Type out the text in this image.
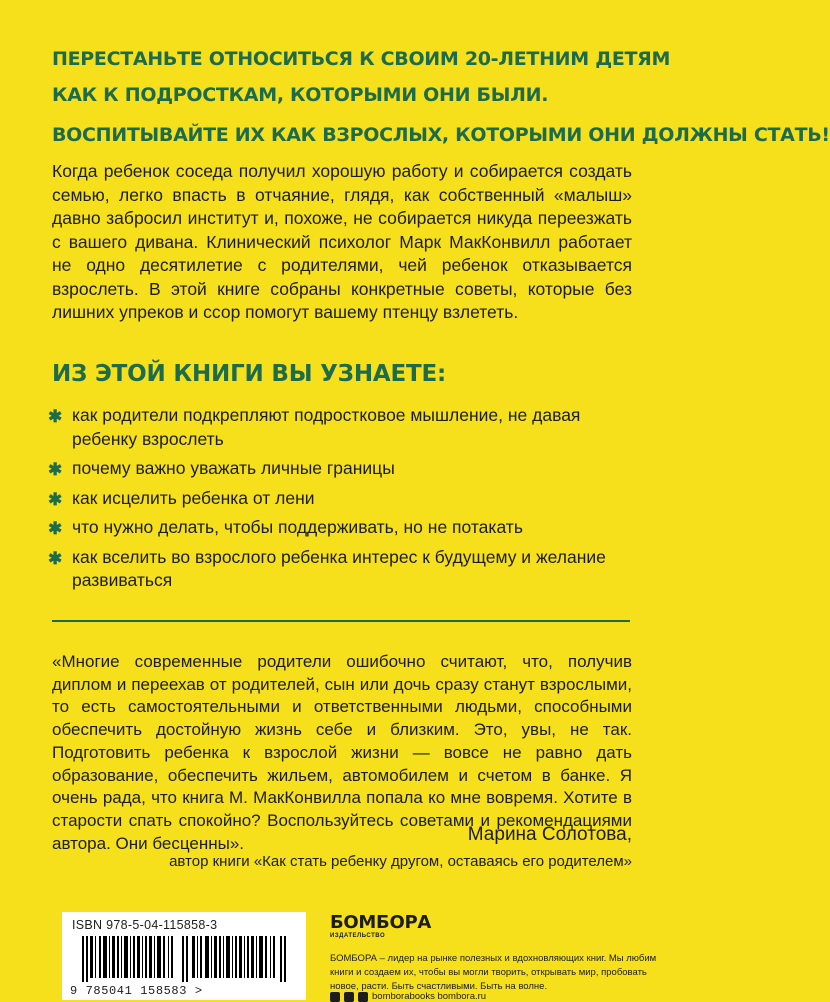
ПЕРЕСТАНЬТЕ ОТНОСИТЬСЯ К СВОИМ 20-ЛЕТНИМ ДЕТЯМ
КАК К ПОДРОСТКАМ, КОТОРЫМИ ОНИ БЫЛИ.
ВОСПИТЫВАЙТЕ ИХ КАК ВЗРОСЛЫХ, КОТОРЫМИ ОНИ ДОЛЖНЫ СТАТЬ!

Когда ребенок соседа получил хорошую работу и собирается создать семью, легко впасть в отчаяние, глядя, как собственный «малыш» давно забросил институт и, похоже, не собирается никуда переезжать с вашего дивана. Клинический психолог Марк МакКонвилл работает не одно десятилетие с родителями, чей ребенок отказывается взрослеть. В этой книге собраны конкретные советы, которые без лишних упреков и ссор помогут вашему птенцу взлететь.

ИЗ ЭТОЙ КНИГИ ВЫ УЗНАЕТЕ:
✱ как родители подкрепляют подростковое мышление, не давая ребенку взрослеть
✱ почему важно уважать личные границы
✱ как исцелить ребенка от лени
✱ что нужно делать, чтобы поддерживать, но не потакать
✱ как вселить во взрослого ребенка интерес к будущему и желание развиваться

«Многие современные родители ошибочно считают, что, получив диплом и переехав от родителей, сын или дочь сразу станут взрослыми, то есть самостоятельными и ответственными людьми, способными обеспечить достойную жизнь себе и близким. Это, увы, не так. Подготовить ребенка к взрослой жизни — вовсе не равно дать образование, обеспечить жильем, автомобилем и счетом в банке. Я очень рада, что книга М. МакКонвилла попала ко мне вовремя. Хотите в старости спать спокойно? Воспользуйтесь советами и рекомендациями автора. Они бесценны».	Марина Солотова,
автор книги «Как стать ребенку другом, оставаясь его родителем»
ISBN 978-5-04-115858-3
9 785041 158583 >
БОМБОРА
ИЗДАТЕЛЬСТВО
БОМБОРА – лидер на рынке полезных и вдохновляющих книг. Мы любим книги и создаем их, чтобы вы могли творить, открывать мир, пробовать новое, расти. Быть счастливыми. Быть на волне.
bomborabooks bombora.ru
